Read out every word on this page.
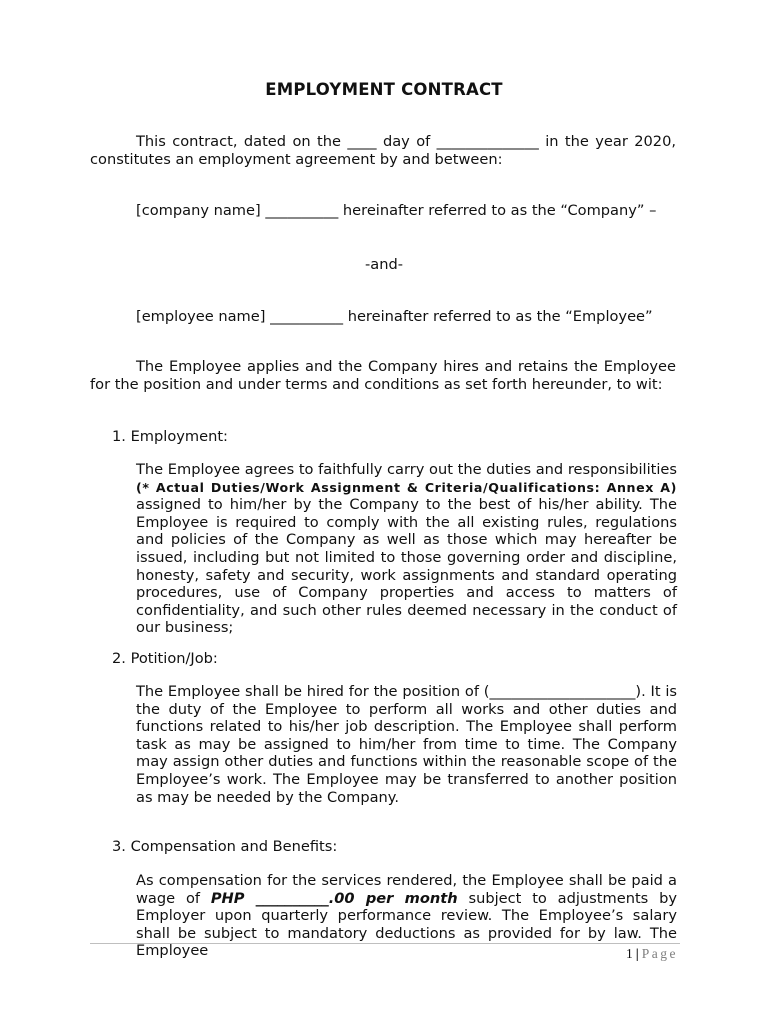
EMPLOYMENT CONTRACT

This contract, dated on the ____ day of ______________ in the year 2020, constitutes an employment agreement by and between:

[company name] __________ hereinafter referred to as the “Company” –

-and-

[employee name] __________ hereinafter referred to as the “Employee”

The Employee applies and the Company hires and retains the Employee for the position and under terms and conditions as set forth hereunder, to wit:

1. Employment:

The Employee agrees to faithfully carry out the duties and responsibilities (* Actual Duties/Work Assignment & Criteria/Qualifications: Annex A) assigned to him/her by the Company to the best of his/her ability. The Employee is required to comply with the all existing rules, regulations and policies of the Company as well as those which may hereafter be issued, including but not limited to those governing order and discipline, honesty, safety and security, work assignments and standard operating procedures, use of Company properties and access to matters of confidentiality, and such other rules deemed necessary in the conduct of our business;

2. Potition/Job:

The Employee shall be hired for the position of (____________________). It is the duty of the Employee to perform all works and other duties and functions related to his/her job description. The Employee shall perform task as may be assigned to him/her from time to time. The Company may assign other duties and functions within the reasonable scope of the Employee’s work. The Employee may be transferred to another position as may be needed by the Company.

3. Compensation and Benefits:

As compensation for the services rendered, the Employee shall be paid a wage of PHP __________.00 per month subject to adjustments by Employer upon quarterly performance review. The Employee’s salary shall be subject to mandatory deductions as provided for by law. The Employee	1 | Page
